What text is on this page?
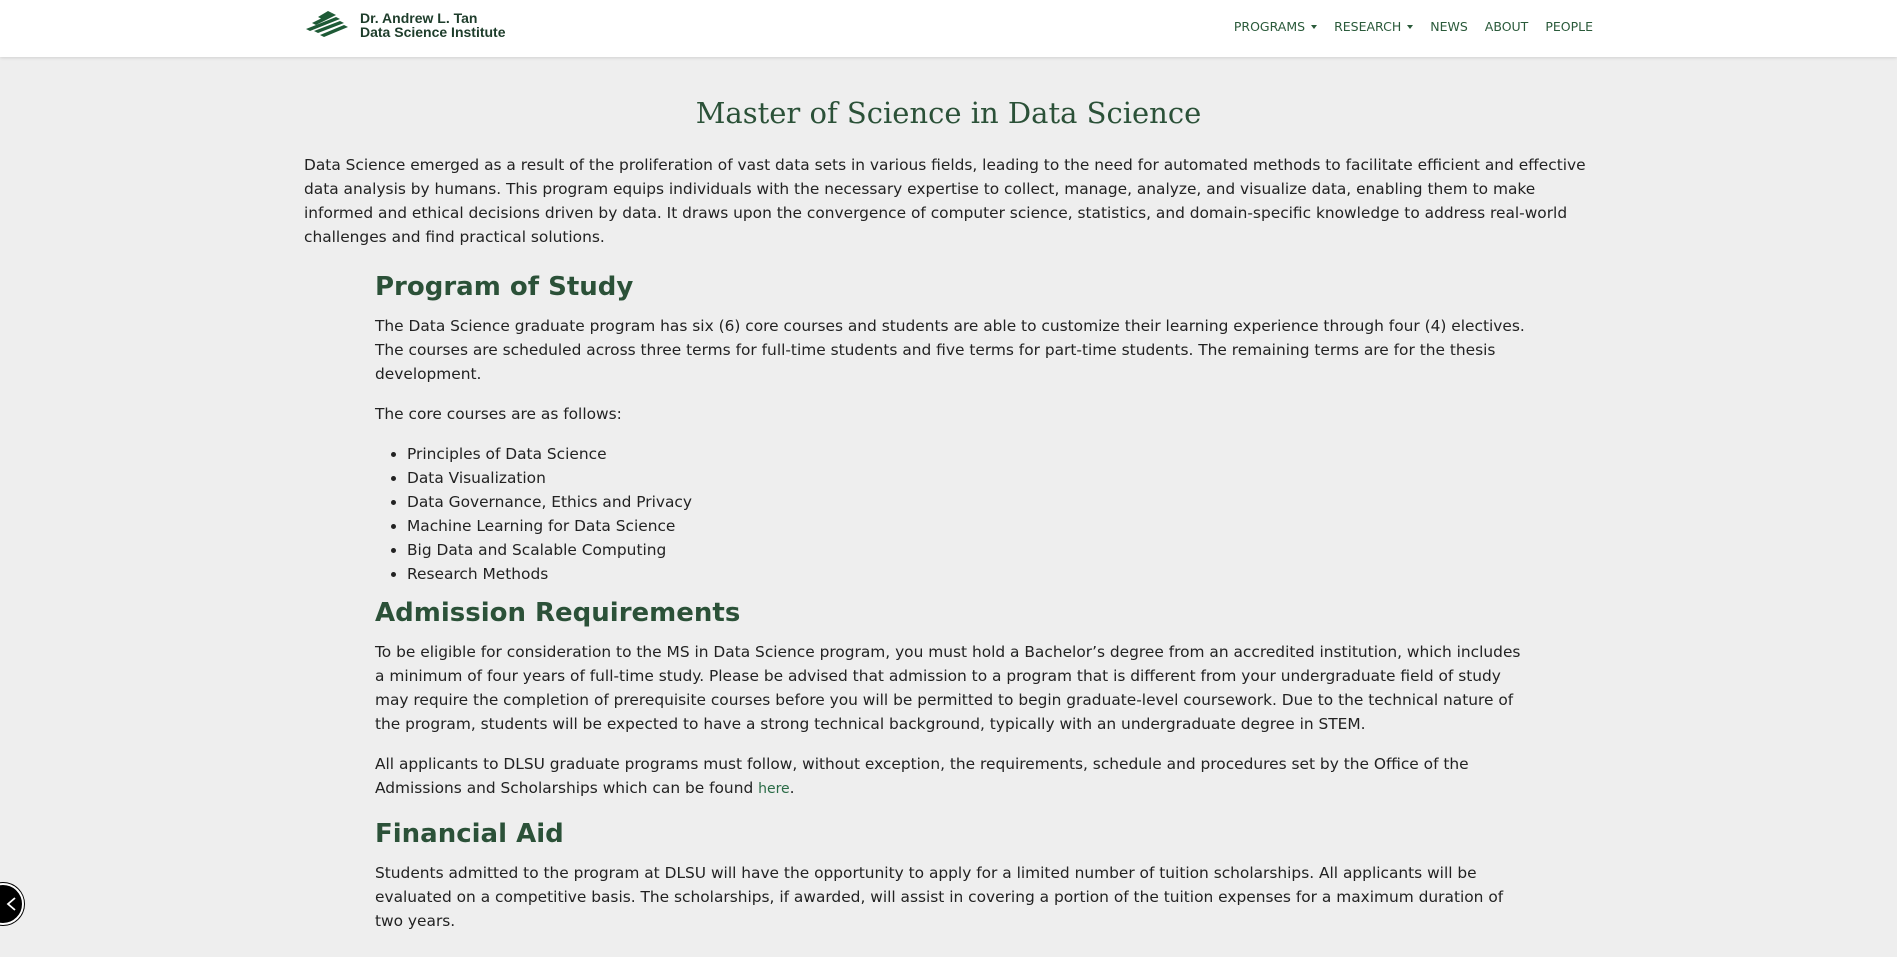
Dr. Andrew L. Tan
Data Science Institute	PROGRAMS RESEARCH NEWS ABOUT PEOPLE
Master of Science in Data Science

Data Science emerged as a result of the proliferation of vast data sets in various fields, leading to the need for automated methods to facilitate efficient and effective data analysis by humans. This program equips individuals with the necessary expertise to collect, manage, analyze, and visualize data, enabling them to make informed and ethical decisions driven by data. It draws upon the convergence of computer science, statistics, and domain-specific knowledge to address real-world challenges and find practical solutions.

Program of Study

The Data Science graduate program has six (6) core courses and students are able to customize their learning experience through four (4) electives. The courses are scheduled across three terms for full-time students and five terms for part-time students. The remaining terms are for the thesis development.

The core courses are as follows:

• Principles of Data Science
• Data Visualization
• Data Governance, Ethics and Privacy
• Machine Learning for Data Science
• Big Data and Scalable Computing
• Research Methods
Admission Requirements

To be eligible for consideration to the MS in Data Science program, you must hold a Bachelor’s degree from an accredited institution, which includes a minimum of four years of full-time study. Please be advised that admission to a program that is different from your undergraduate field of study may require the completion of prerequisite courses before you will be permitted to begin graduate-level coursework. Due to the technical nature of the program, students will be expected to have a strong technical background, typically with an undergraduate degree in STEM.

All applicants to DLSU graduate programs must follow, without exception, the requirements, schedule and procedures set by the Office of the Admissions and Scholarships which can be found here.

Financial Aid

Students admitted to the program at DLSU will have the opportunity to apply for a limited number of tuition scholarships. All applicants will be evaluated on a competitive basis. The scholarships, if awarded, will assist in covering a portion of the tuition expenses for a maximum duration of two years.
